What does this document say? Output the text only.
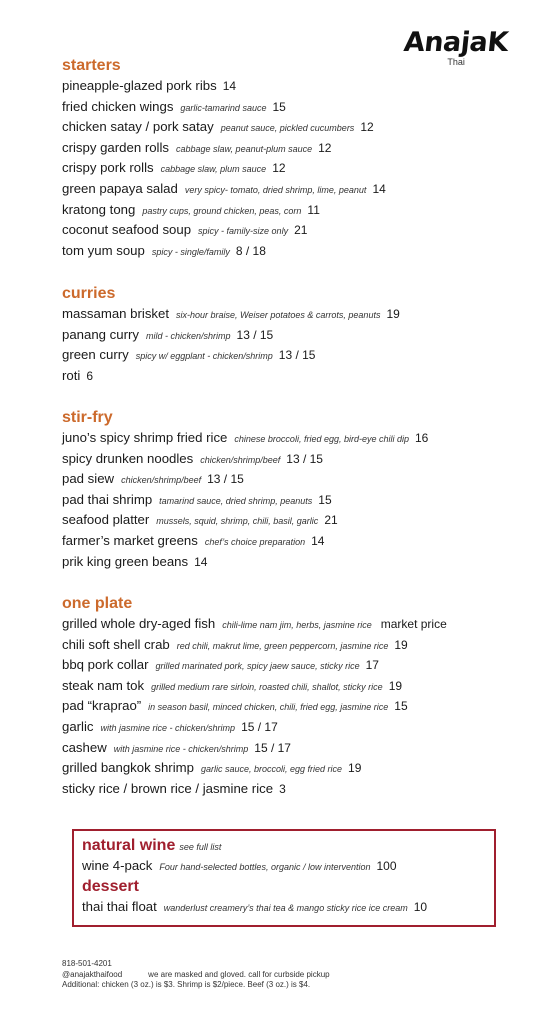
AnajaK
Thai
starters
pineapple-glazed pork ribs 14
fried chicken wings garlic-tamarind sauce 15
chicken satay / pork satay peanut sauce, pickled cucumbers 12
crispy garden rolls cabbage slaw, peanut-plum sauce 12
crispy pork rolls cabbage slaw, plum sauce 12
green papaya salad very spicy- tomato, dried shrimp, lime, peanut 14
kratong tong pastry cups, ground chicken, peas, corn 11
coconut seafood soup spicy - family-size only 21
tom yum soup spicy - single/family 8 / 18
curries
massaman brisket six-hour braise, Weiser potatoes & carrots, peanuts 19
panang curry mild - chicken/shrimp 13 / 15
green curry spicy w/ eggplant - chicken/shrimp 13 / 15
roti 6
stir-fry
juno’s spicy shrimp fried rice chinese broccoli, fried egg, bird-eye chili dip 16
spicy drunken noodles chicken/shrimp/beef 13 / 15
pad siew chicken/shrimp/beef 13 / 15
pad thai shrimp tamarind sauce, dried shrimp, peanuts 15
seafood platter mussels, squid, shrimp, chili, basil, garlic 21
farmer’s market greens chef’s choice preparation 14
prik king green beans 14
one plate
grilled whole dry-aged fish chili-lime nam jim, herbs, jasmine rice market price
chili soft shell crab red chili, makrut lime, green peppercorn, jasmine rice 19
bbq pork collar grilled marinated pork, spicy jaew sauce, sticky rice 17
steak nam tok grilled medium rare sirloin, roasted chili, shallot, sticky rice 19
pad “kraprao” in season basil, minced chicken, chili, fried egg, jasmine rice 15
garlic with jasmine rice - chicken/shrimp 15 / 17
cashew with jasmine rice - chicken/shrimp 15 / 17
grilled bangkok shrimp garlic sauce, broccoli, egg fried rice 19
sticky rice / brown rice / jasmine rice 3
natural wine see full list
wine 4-pack Four hand-selected bottles, organic / low intervention 100
dessert
thai thai float wanderlust creamery’s thai tea & mango sticky rice ice cream 10
818-501-4201
@anajakthaifood	we are masked and gloved. call for curbside pickup
Additional: chicken (3 oz.) is $3. Shrimp is $2/piece. Beef (3 oz.) is $4.
